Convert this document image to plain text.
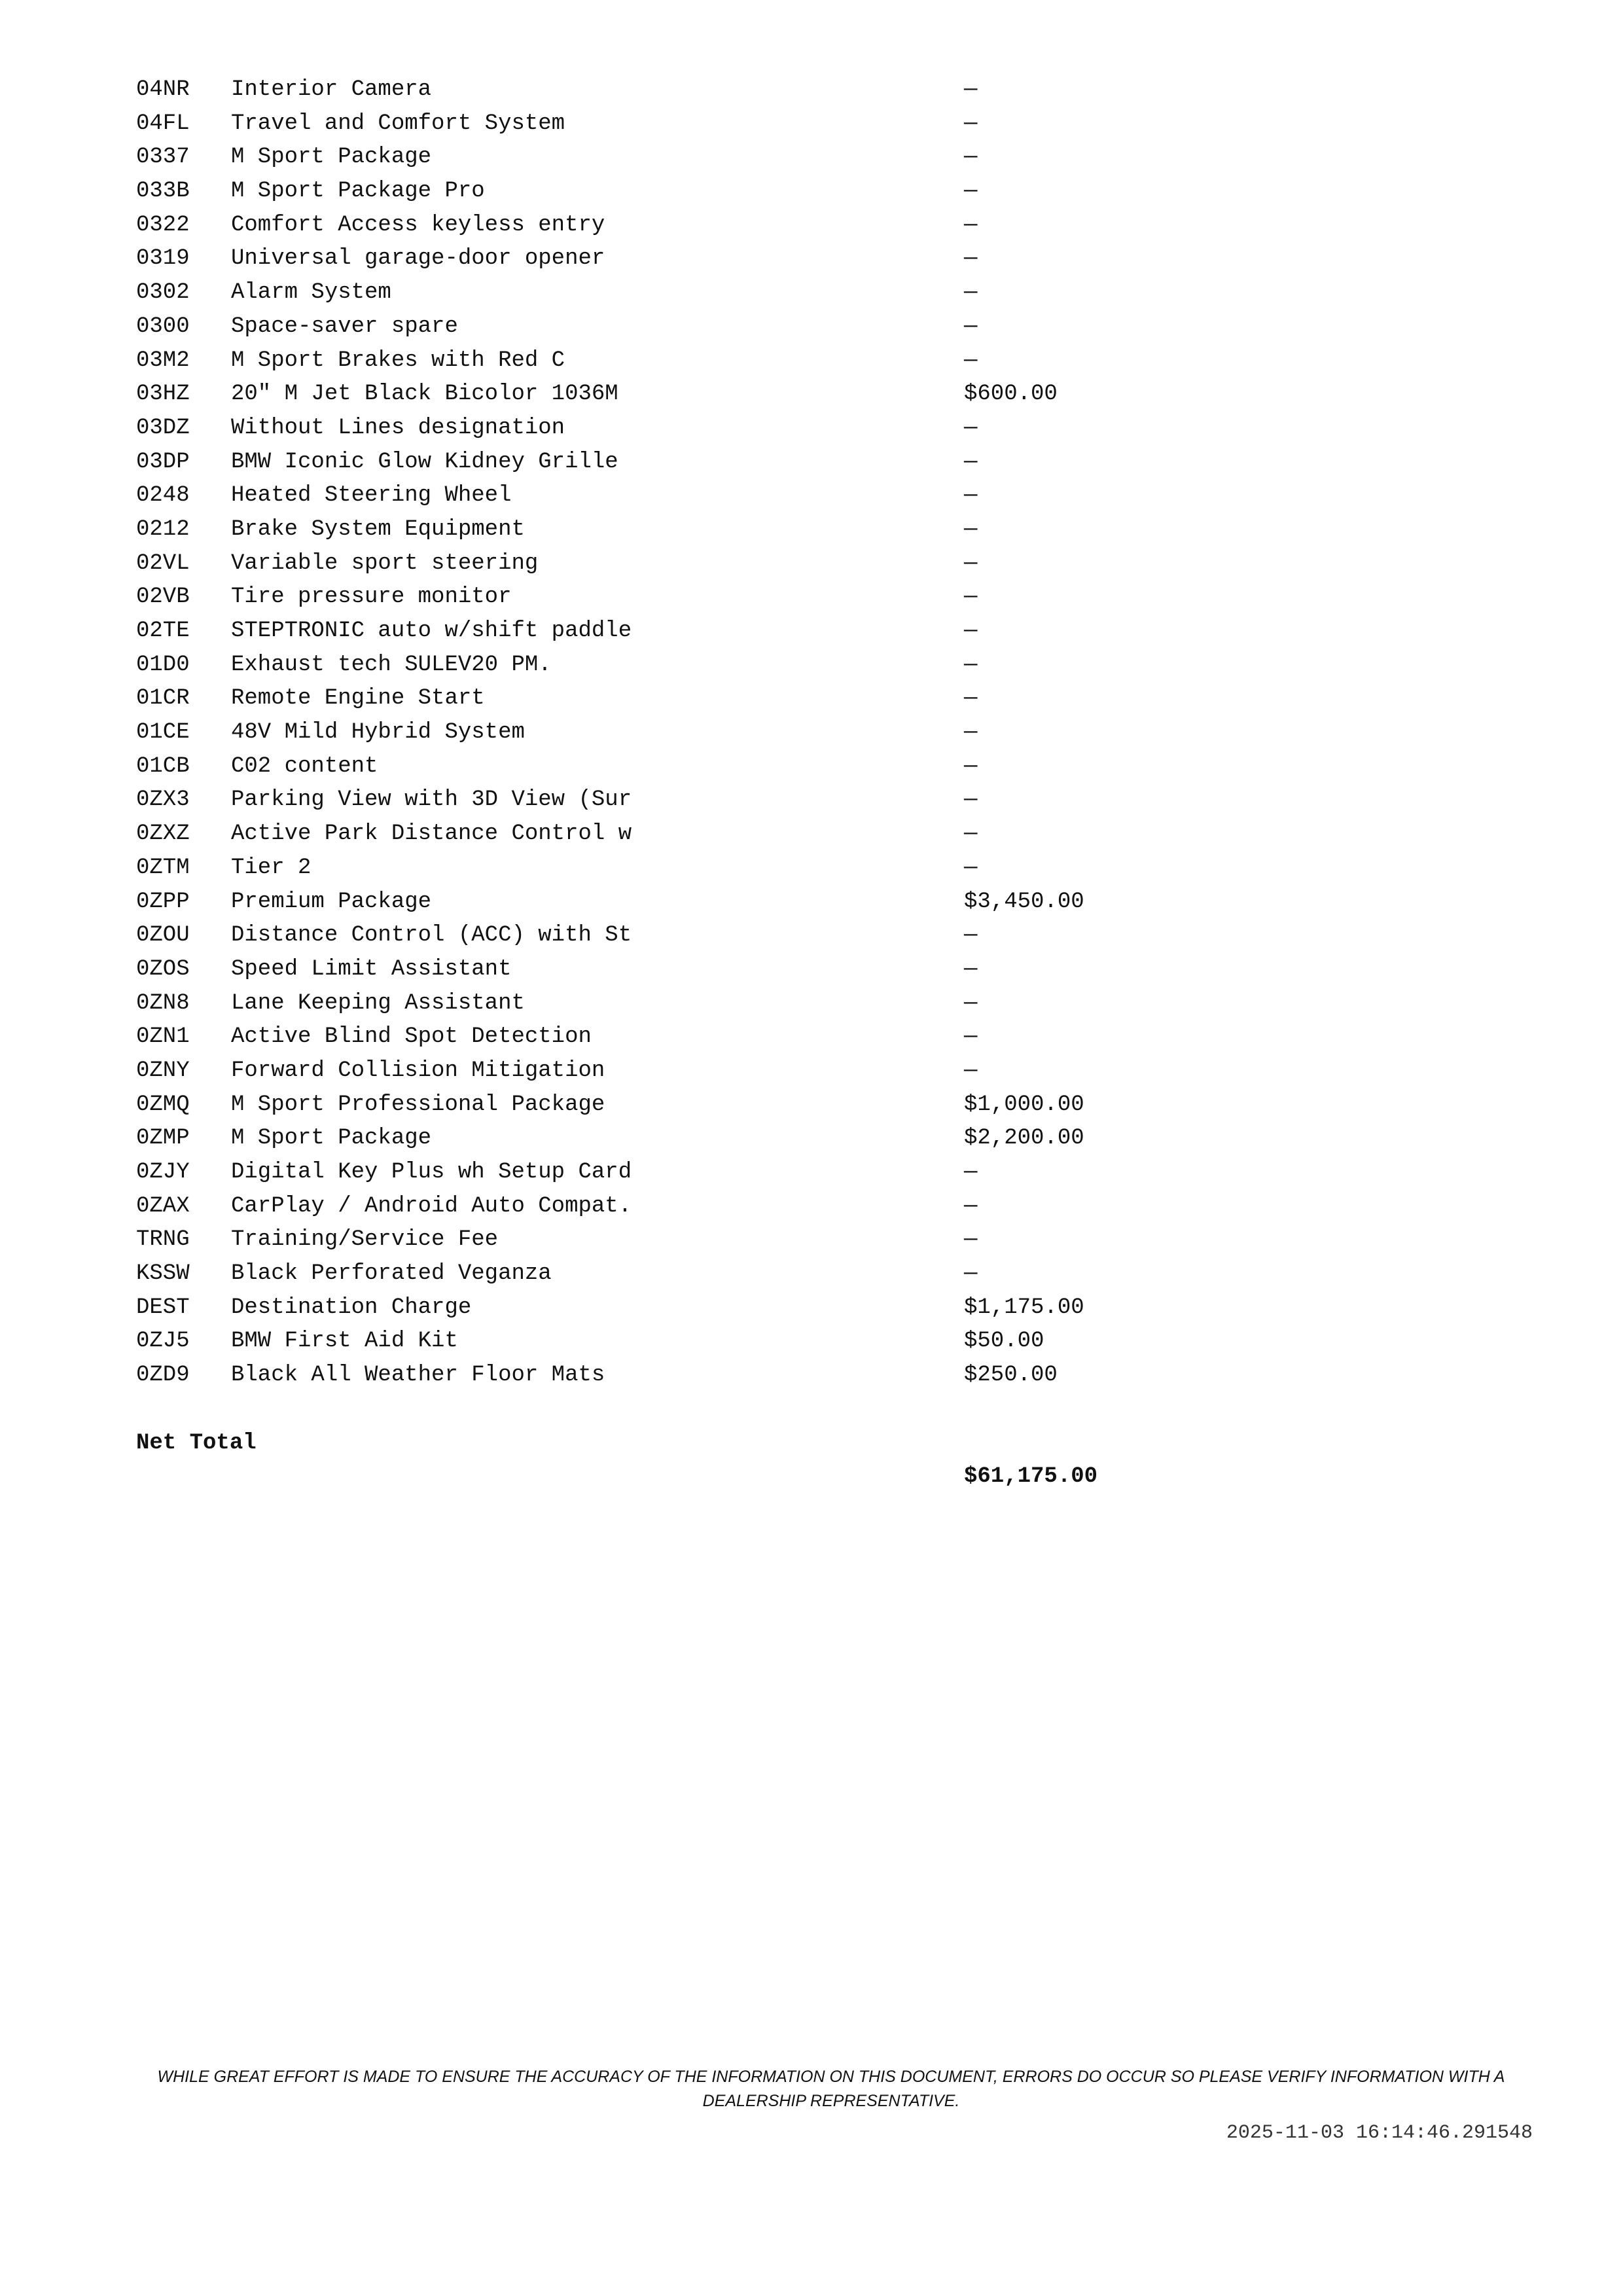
04NR Interior Camera	—
04FL Travel and Comfort System	—
0337 M Sport Package	—
033B M Sport Package Pro	—
0322 Comfort Access keyless entry	—
0319 Universal garage-door opener	—
0302 Alarm System	—
0300 Space-saver spare	—
03M2 M Sport Brakes with Red C	—
03HZ 20" M Jet Black Bicolor 1036M	$600.00
03DZ Without Lines designation	—
03DP BMW Iconic Glow Kidney Grille	—
0248 Heated Steering Wheel	—
0212 Brake System Equipment	—
02VL Variable sport steering	—
02VB Tire pressure monitor	—
02TE STEPTRONIC auto w/shift paddle	—
01D0 Exhaust tech SULEV20 PM.	—
01CR Remote Engine Start	—
01CE 48V Mild Hybrid System	—
01CB C02 content	—
0ZX3 Parking View with 3D View (Sur	—
0ZXZ Active Park Distance Control w	—
0ZTM Tier 2	—
0ZPP Premium Package	$3,450.00
0ZOU Distance Control (ACC) with St	—
0ZOS Speed Limit Assistant	—
0ZN8 Lane Keeping Assistant	—
0ZN1 Active Blind Spot Detection	—
0ZNY Forward Collision Mitigation	—
0ZMQ M Sport Professional Package	$1,000.00
0ZMP M Sport Package	$2,200.00
0ZJY Digital Key Plus wh Setup Card	—
0ZAX CarPlay / Android Auto Compat.	—
TRNG Training/Service Fee	—
KSSW Black Perforated Veganza	—
DEST Destination Charge	$1,175.00
0ZJ5 BMW First Aid Kit	$50.00
0ZD9 Black All Weather Floor Mats	$250.00

Net Total

$61,175.00

WHILE GREAT EFFORT IS MADE TO ENSURE THE ACCURACY OF THE INFORMATION ON THIS DOCUMENT, ERRORS DO OCCUR SO PLEASE VERIFY INFORMATION WITH A DEALERSHIP REPRESENTATIVE.
2025-11-03 16:14:46.291548
